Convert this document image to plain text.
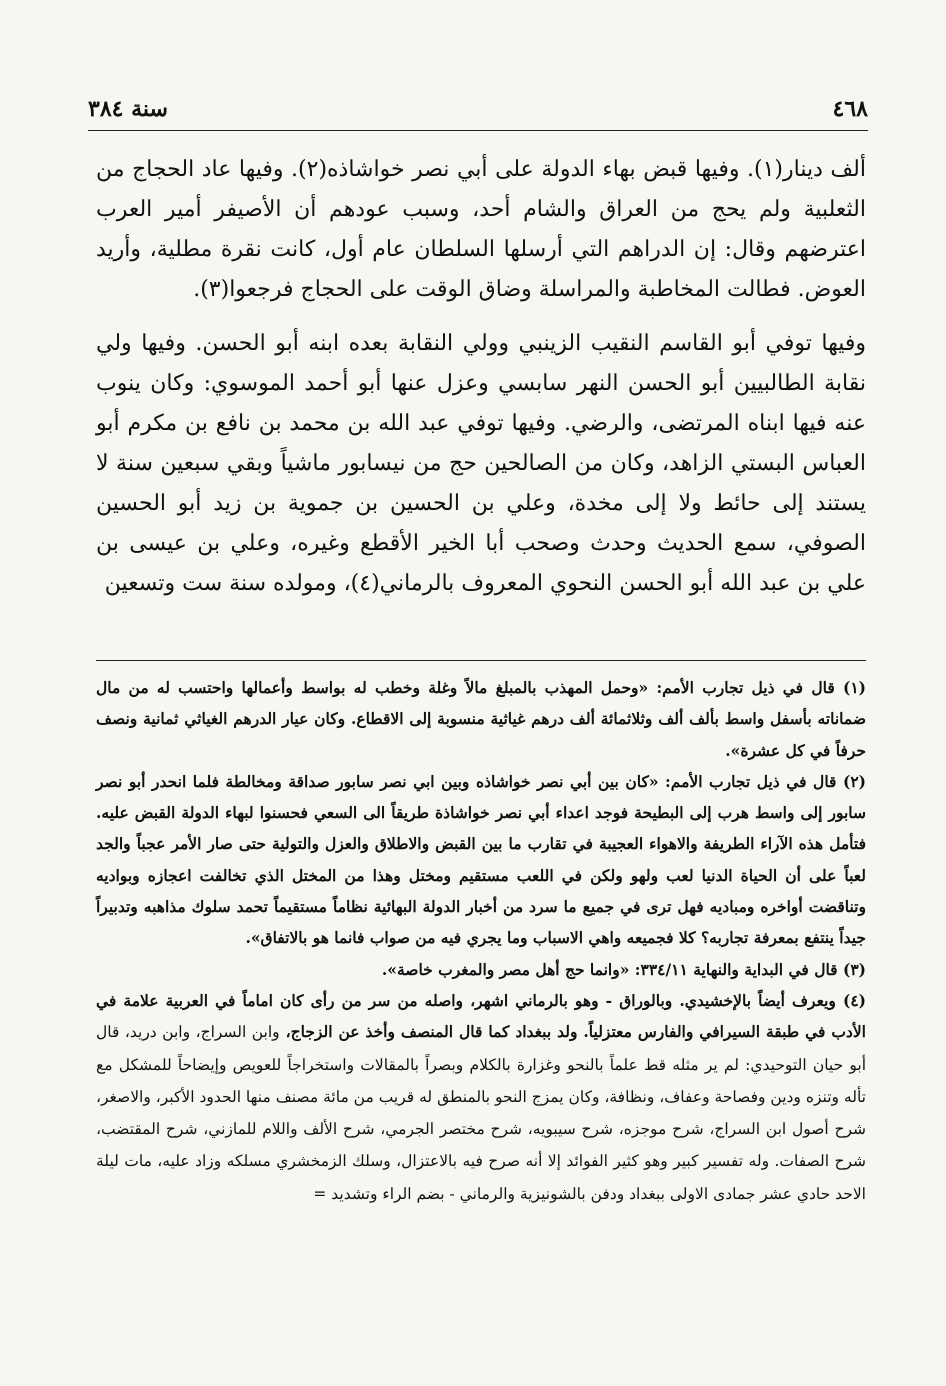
٤٦٨
سنة ٣٨٤

ألف دينار(١). وفيها قبض بهاء الدولة على أبي نصر خواشاذه(٢). وفيها عاد الحجاج من الثعلبية ولم يحج من العراق والشام أحد، وسبب عودهم أن الأصيفر أمير العرب اعترضهم وقال: إن الدراهم التي أرسلها السلطان عام أول، كانت نقرة مطلية، وأريد العوض. فطالت المخاطبة والمراسلة وضاق الوقت على الحجاج فرجعوا(٣).

وفيها توفي أبو القاسم النقيب الزينبي وولي النقابة بعده ابنه أبو الحسن. وفيها ولي نقابة الطالبيين أبو الحسن النهر سابسي وعزل عنها أبو أحمد الموسوي: وكان ينوب عنه فيها ابناه المرتضى، والرضي. وفيها توفي عبد الله بن محمد بن نافع بن مكرم أبو العباس البستي الزاهد، وكان من الصالحين حج من نيسابور ماشياً وبقي سبعين سنة لا يستند إلى حائط ولا إلى مخدة، وعلي بن الحسين بن جموية بن زيد أبو الحسين الصوفي، سمع الحديث وحدث وصحب أبا الخير الأقطع وغيره، وعلي بن عيسى بن علي بن عبد الله أبو الحسن النحوي المعروف بالرماني(٤)، ومولده سنة ست وتسعين

(١) قال في ذيل تجارب الأمم: «وحمل المهذب بالمبلغ مالاً وغلة وخطب له بواسط وأعمالها واحتسب له من مال ضماناته بأسفل واسط بألف ألف وثلاثمائة ألف درهم غياثية منسوبة إلى الاقطاع. وكان عيار الدرهم الغياثي ثمانية ونصف حرفاً في كل عشرة».

(٢) قال في ذيل تجارب الأمم: «كان بين أبي نصر خواشاذه وبين ابي نصر سابور صداقة ومخالطة فلما انحدر أبو نصر سابور إلى واسط هرب إلى البطيحة فوجد اعداء أبي نصر خواشاذة طريقاً الى السعي فحسنوا لبهاء الدولة القبض عليه. فتأمل هذه الآراء الطريفة والاهواء العجيبة في تقارب ما بين القبض والاطلاق والعزل والتولية حتى صار الأمر عجباً والجد لعباً على أن الحياة الدنيا لعب ولهو ولكن في اللعب مستقيم ومختل وهذا من المختل الذي تخالفت اعجازه وبواديه وتناقضت أواخره ومباديه فهل ترى في جميع ما سرد من أخبار الدولة البهائية نظاماً مستقيماً تحمد سلوك مذاهبه وتدبيراً جيداً ينتفع بمعرفة تجاربه؟ كلا فجميعه واهي الاسباب وما يجري فيه من صواب فانما هو بالاتفاق».

(٣) قال في البداية والنهاية ٣٣٤/١١: «وانما حج أهل مصر والمغرب خاصة».

(٤) ويعرف أيضاً بالإخشيدي. وبالوراق - وهو بالرماني اشهر، واصله من سر من رأى كان اماماً في العربية علامة في الأدب في طبقة السيرافي والفارس معتزلياً. ولد ببغداد كما قال المنصف وأخذ عن الزجاج، وابن السراج، وابن دريد، قال أبو حيان التوحيدي: لم ير مثله قط علماً بالنحو وغزارة بالكلام وبصراً بالمقالات واستخراجاً للعويص وإيضاحاً للمشكل مع تأله وتنزه ودين وفصاحة وعفاف، ونظافة، وكان يمزج النحو بالمنطق له قريب من مائة مصنف منها الحدود الأكبر، والاصغر، شرح أصول ابن السراج، شرح موجزه، شرح سيبويه، شرح مختصر الجرمي، شرح الألف واللام للمازني، شرح المقتضب، شرح الصفات. وله تفسير كبير وهو كثير الفوائد إلا أنه صرح فيه بالاعتزال، وسلك الزمخشري مسلكه وزاد عليه، مات ليلة الاحد حادي عشر جمادى الاولى ببغداد ودفن بالشونيزية والرماني - بضم الراء وتشديد =
